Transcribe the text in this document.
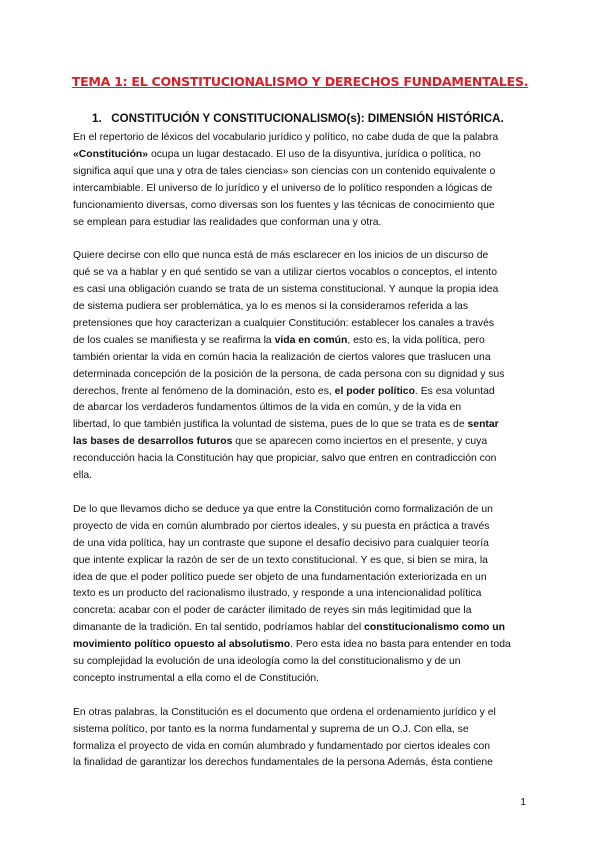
TEMA 1: EL CONSTITUCIONALISMO Y DERECHOS FUNDAMENTALES.
1. CONSTITUCIÓN Y CONSTITUCIONALISMO(s): DIMENSIÓN HISTÓRICA.
En el repertorio de léxicos del vocabulario jurídico y político, no cabe duda de que la palabra
«Constitución» ocupa un lugar destacado. El uso de la disyuntiva, jurídica o política, no
significa aquí que una y otra de tales ciencias» son ciencias con un contenido equivalente o
intercambiable. El universo de lo jurídico y el universo de lo político responden a lógicas de
funcionamiento diversas, como diversas son los fuentes y las técnicas de conocimiento que
se emplean para estudiar las realidades que conforman una y otra.
Quiere decirse con ello que nunca está de más esclarecer en los inicios de un discurso de
qué se va a hablar y en qué sentido se van a utilizar ciertos vocablos o conceptos, el intento
es casi una obligación cuando se trata de un sistema constitucional. Y aunque la propia idea
de sistema pudiera ser problemática, ya lo es menos si la consideramos referida a las
pretensiones que hoy caracterizan a cualquier Constitución: establecer los canales a través
de los cuales se manifiesta y se reafirma la vida en común, esto es, la vida política, pero
también orientar la vida en común hacia la realización de ciertos valores que traslucen una
determinada concepción de la posición de la persona, de cada persona con su dignidad y sus
derechos, frente al fenómeno de la dominación, esto es, el poder político. Es esa voluntad
de abarcar los verdaderos fundamentos últimos de la vida en común, y de la vida en
libertad, lo que también justifica la voluntad de sistema, pues de lo que se trata es de sentar
las bases de desarrollos futuros que se aparecen como inciertos en el presente, y cuya
reconducción hacia la Constitución hay que propiciar, salvo que entren en contradicción con
ella.
De lo que llevamos dicho se deduce ya que entre la Constitución como formalización de un
proyecto de vida en común alumbrado por ciertos ideales, y su puesta en práctica a través
de una vida política, hay un contraste que supone el desafío decisivo para cualquier teoría
que intente explicar la razón de ser de un texto constitucional. Y es que, si bien se mira, la
idea de que el poder político puede ser objeto de una fundamentación exteriorizada en un
texto es un producto del racionalismo ilustrado, y responde a una intencionalidad política
concreta: acabar con el poder de carácter ilimitado de reyes sin más legitimidad que la
dimanante de la tradición. En tal sentido, podríamos hablar del constitucionalismo como un
movimiento político opuesto al absolutismo. Pero esta idea no basta para entender en toda
su complejidad la evolución de una ideología como la del constitucionalismo y de un
concepto instrumental a ella como el de Constitución.
En otras palabras, la Constitución es el documento que ordena el ordenamiento jurídico y el
sistema político, por tanto es la norma fundamental y suprema de un O.J. Con ella, se
formaliza el proyecto de vida en común alumbrado y fundamentado por ciertos ideales con
la finalidad de garantizar los derechos fundamentales de la persona Además, ésta contiene
1
